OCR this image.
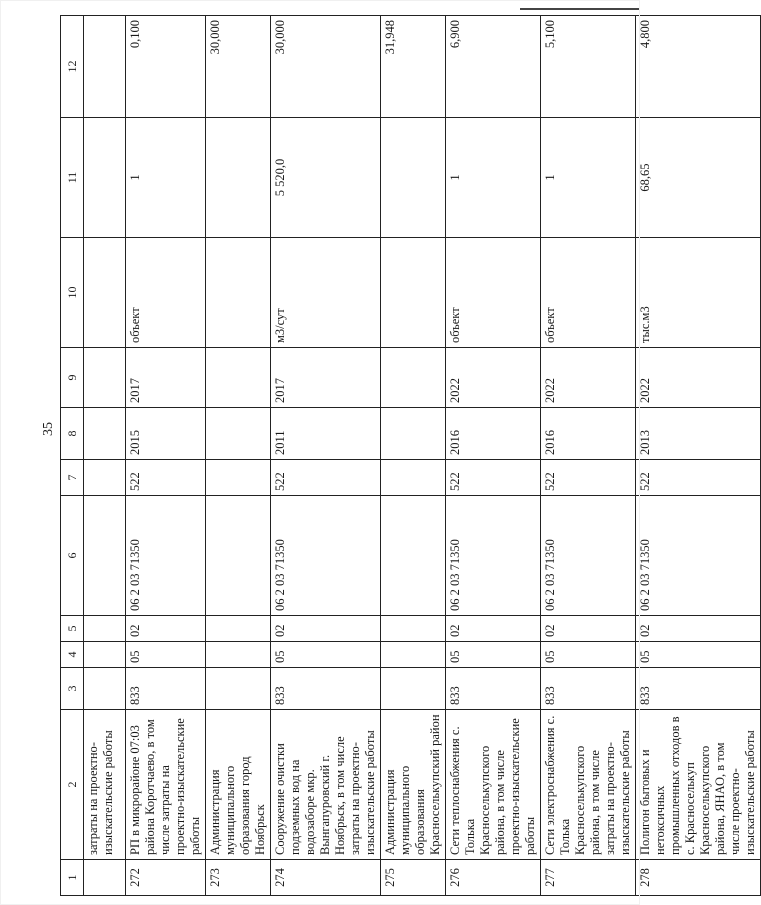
35
1	2	3	4	5	6	7	8	9	10	11	12
	затраты на проектно-изыскательские работы										
272	РП в микрорайоне 07:03 района Коротчаево, в том числе затраты на проектно-изыскательские работы	833	05	02	06 2 03 71350	522	2015	2017	объект	1	0,100
273	Администрация муниципального образования город Ноябрьск										30,000
274	Сооружение очистки подземных вод на водозаборе мкр. Вынгапуровский г. Ноябрьск, в том числе затраты на проектно-изыскательские работы	833	05	02	06 2 03 71350	522	2011	2017	м3/сут	5 520,0	30,000
275	Администрация муниципального образования Красноселькупский район										31,948
276	Сети теплоснабжения с. Толька Красноселькупского района, в том числе проектно-изыскательские работы	833	05	02	06 2 03 71350	522	2016	2022	объект	1	6,900
277	Сети электроснабжения с. Толька Красноселькупского района, в том числе затраты на проектно-изыскательские работы	833	05	02	06 2 03 71350	522	2016	2022	объект	1	5,100
278	Полигон бытовых и нетоксичных промышленных отходов в с. Красноселькуп Красноселькупского района, ЯНАО, в том числе проектно-изыскательские работы	833	05	02	06 2 03 71350	522	2013	2022	тыс.м3	68,65	4,800
